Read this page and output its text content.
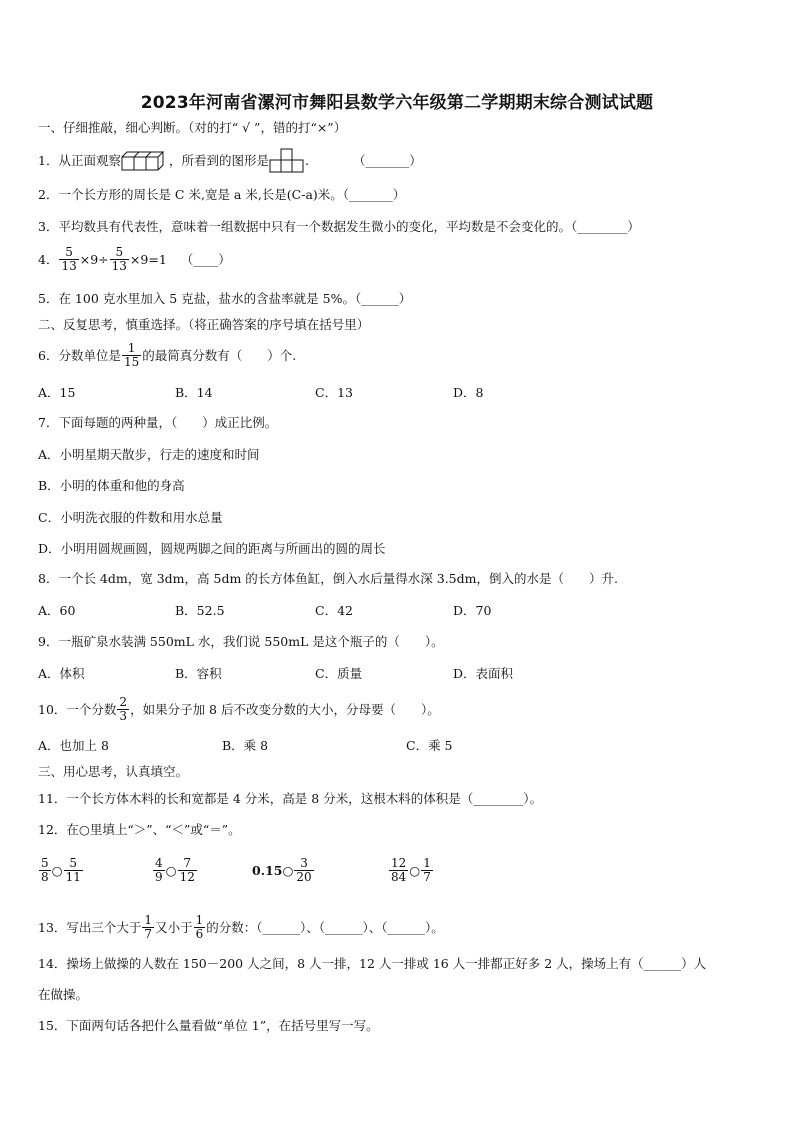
2023年河南省漯河市舞阳县数学六年级第二学期期末综合测试试题
一、仔细推敲，细心判断。（对的打“ √ ”，错的打“×”）
1． 从正面观察	，所看到的图形是	.	（_______）
2．一个长方形的周长是 C 米,宽是 a 米,长是(C-a)米。（_______）
3．平均数具有代表性，意味着一组数据中只有一个数据发生微小的变化，平均数是不会变化的。（________）
4． $\frac{5}{13} \times 9\div \frac{5}{13} \times 9=1$ （____）
5．在 100 克水里加入 5 克盐，盐水的含盐率就是 5%。（______）
二、反复思考，慎重选择。（将正确答案的序号填在括号里）
6． 分数单位是 $\frac{1}{15}$ 的最简真分数有（　　）个.
A．15	B．14	C．13	D．8
7．下面每题的两种量，（　　）成正比例。
A．小明星期天散步，行走的速度和时间
B．小明的体重和他的身高
C．小明洗衣服的件数和用水总量
D．小明用圆规画圆，圆规两脚之间的距离与所画出的圆的周长
8．一个长 4dm，宽 3dm，高 5dm 的长方体鱼缸，倒入水后量得水深 3.5dm，倒入的水是（　　）升.
A．60	B．52.5	C．42	D．70
9．一瓶矿泉水装满 550mL 水，我们说 550mL 是这个瓶子的（　　）。
A．体积	B．容积	C．质量	D．表面积
10． 一个分数 $\frac{2}{3}$ ，如果分子加 8 后不改变分数的大小，分母要（　　）。
A．也加上 8	B．乘 8	C．乘 5
三、用心思考，认真填空。
11．一个长方体木料的长和宽都是 4 分米，高是 8 分米，这根木料的体积是（________）。
12．在○里填上“＞”、“＜”或“＝”。
$\frac{5}{8}$ ○ $\frac{5}{11}$	$\frac{4}{9}$ ○ $\frac{7}{12}$	0.15 ○ $\frac{3}{20}$	$\frac{12}{84}$ ○ $\frac{1}{7}$
13． 写出三个大于 $\frac{1}{7}$ 又小于 $\frac{1}{6}$ 的分数：（______）、（______）、（______）。
14．操场上做操的人数在 150－200 人之间，8 人一排，12 人一排或 16 人一排都正好多 2 人，操场上有（______）人
在做操。
15．下面两句话各把什么量看做“单位 1”，在括号里写一写。
